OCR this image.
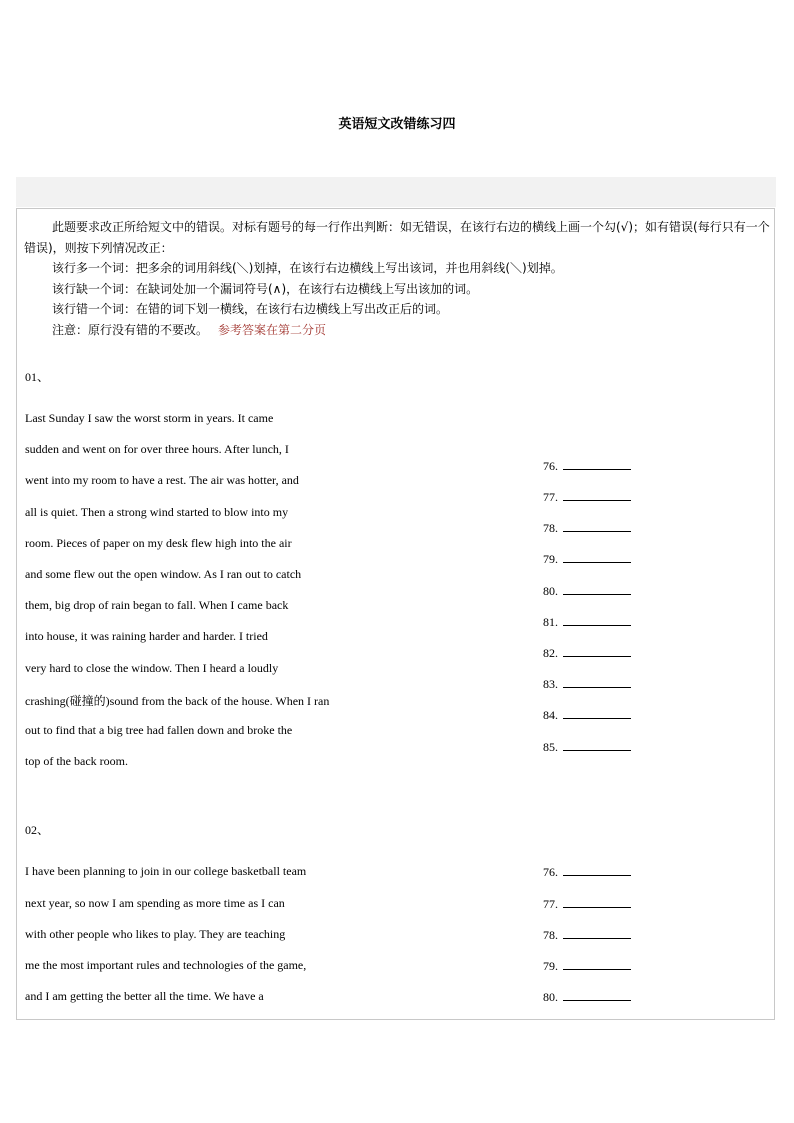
英语短文改错练习四

此题要求改正所给短文中的错误。对标有题号的每一行作出判断：如无错误，在该行右边的横线上画一个勾(√)；如有错误(每行只有一个错误)，则按下列情况改正：

该行多一个词：把多余的词用斜线(＼)划掉，在该行右边横线上写出该词，并也用斜线(＼)划掉。

该行缺一个词：在缺词处加一个漏词符号(∧)，在该行右边横线上写出该加的词。

该行错一个词：在错的词下划一横线，在该行右边横线上写出改正后的词。

注意：原行没有错的不要改。 参考答案在第二分页

01、
Last Sunday I saw the worst storm in years. It came
sudden and went on for over three hours. After lunch, I
went into my room to have a rest. The air was hotter, and
all is quiet. Then a strong wind started to blow into my
room. Pieces of paper on my desk flew high into the air
and some flew out the open window. As I ran out to catch
them, big drop of rain began to fall. When I came back
into house, it was raining harder and harder. I tried
very hard to close the window. Then I heard a loudly
crashing(碰撞的)sound from the back of the house. When I ran
out to find that a big tree had fallen down and broke the
top of the back room.
76.
77.
78.
79.
80.
81.
82.
83.
84.
85.
02、
I have been planning to join in our college basketball team
next year, so now I am spending as more time as I can
with other people who likes to play. They are teaching
me the most important rules and technologies of the game,
and I am getting the better all the time. We have a
76.
77.
78.
79.
80.
